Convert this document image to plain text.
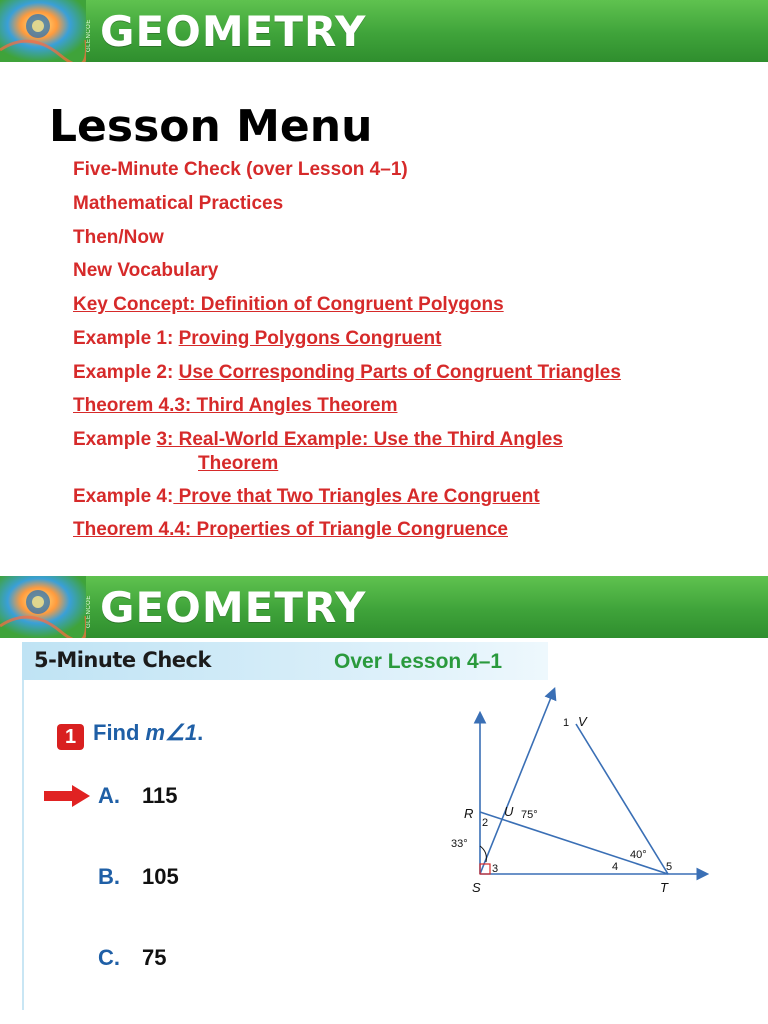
GLENCOE GEOMETRY
Lesson Menu
Five-Minute Check (over Lesson 4–1)
Mathematical Practices
Then/Now
New Vocabulary
Key Concept: Definition of Congruent Polygons
Example 1: Proving Polygons Congruent
Example 2: Use Corresponding Parts of Congruent Triangles
Theorem 4.3: Third Angles Theorem
Example 3: Real-World Example: Use the Third Angles
Theorem
Example 4: Prove that Two Triangles Are Congruent
Theorem 4.4: Properties of Triangle Congruence
GLENCOE GEOMETRY
5-Minute Check	Over Lesson 4–1
1 Find m∠1.
A. 115
B. 105
C. 75
V
R U
S	T
1
2
3	4	5
75°
33°
40°
